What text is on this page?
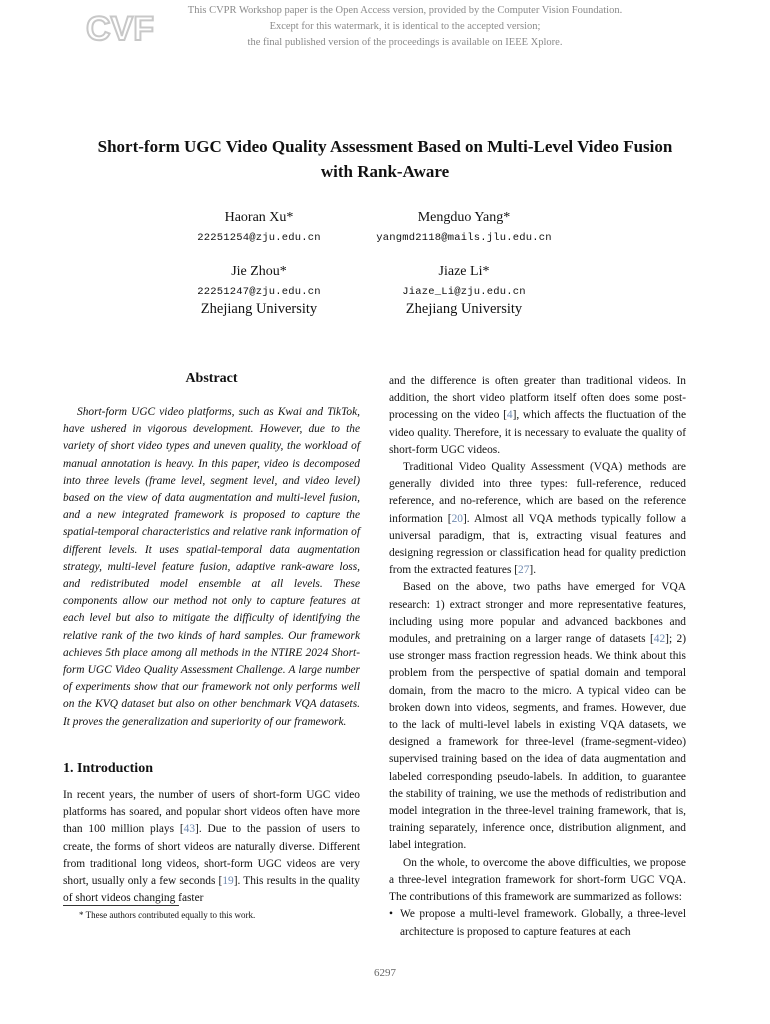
CVF	This CVPR Workshop paper is the Open Access version, provided by the Computer Vision Foundation.
Except for this watermark, it is identical to the accepted version;
the final published version of the proceedings is available on IEEE Xplore.
Short-form UGC Video Quality Assessment Based on Multi-Level Video Fusion
with Rank-Aware
Haoran Xu*
22251254@zju.edu.cn
Mengduo Yang*
yangmd2118@mails.jlu.edu.cn
Jie Zhou*
22251247@zju.edu.cn
Zhejiang University
Jiaze Li*
Jiaze_Li@zju.edu.cn
Zhejiang University
Abstract
Short-form UGC video platforms, such as Kwai and TikTok, have ushered in vigorous development. However, due to the variety of short video types and uneven quality, the workload of manual annotation is heavy. In this paper, video is decomposed into three levels (frame level, segment level, and video level) based on the view of data augmentation and multi-level fusion, and a new integrated framework is proposed to capture the spatial-temporal characteristics and relative rank information of different levels. It uses spatial-temporal data augmentation strategy, multi-level feature fusion, adaptive rank-aware loss, and redistributed model ensemble at all levels. These components allow our method not only to capture features at each level but also to mitigate the difficulty of identifying the relative rank of the two kinds of hard samples. Our framework achieves 5th place among all methods in the NTIRE 2024 Short-form UGC Video Quality Assessment Challenge. A large number of experiments show that our framework not only performs well on the KVQ dataset but also on other benchmark VQA datasets. It proves the generalization and superiority of our framework.
1. Introduction
In recent years, the number of users of short-form UGC video platforms has soared, and popular short videos often have more than 100 million plays [43]. Due to the passion of users to create, the forms of short videos are naturally diverse. Different from traditional long videos, short-form UGC videos are very short, usually only a few seconds [19]. This results in the quality of short videos changing faster
* These authors contributed equally to this work.

and the difference is often greater than traditional videos. In addition, the short video platform itself often does some post-processing on the video [4], which affects the fluctuation of the video quality. Therefore, it is necessary to evaluate the quality of short-form UGC videos.

Traditional Video Quality Assessment (VQA) methods are generally divided into three types: full-reference, reduced reference, and no-reference, which are based on the reference information [20]. Almost all VQA methods typically follow a universal paradigm, that is, extracting visual features and designing regression or classification head for quality prediction from the extracted features [27].

Based on the above, two paths have emerged for VQA research: 1) extract stronger and more representative features, including using more popular and advanced backbones and modules, and pretraining on a larger range of datasets [42]; 2) use stronger mass fraction regression heads. We think about this problem from the perspective of spatial domain and temporal domain, from the macro to the micro. A typical video can be broken down into videos, segments, and frames. However, due to the lack of multi-level labels in existing VQA datasets, we designed a framework for three-level (frame-segment-video) supervised training based on the idea of data augmentation and labeled corresponding pseudo-labels. In addition, to guarantee the stability of training, we use the methods of redistribution and model integration in the three-level training framework, that is, training separately, inference once, distribution alignment, and label integration.

On the whole, to overcome the above difficulties, we propose a three-level integration framework for short-form UGC VQA. The contributions of this framework are summarized as follows:

• We propose a multi-level framework. Globally, a three-level architecture is proposed to capture features at each
6297
